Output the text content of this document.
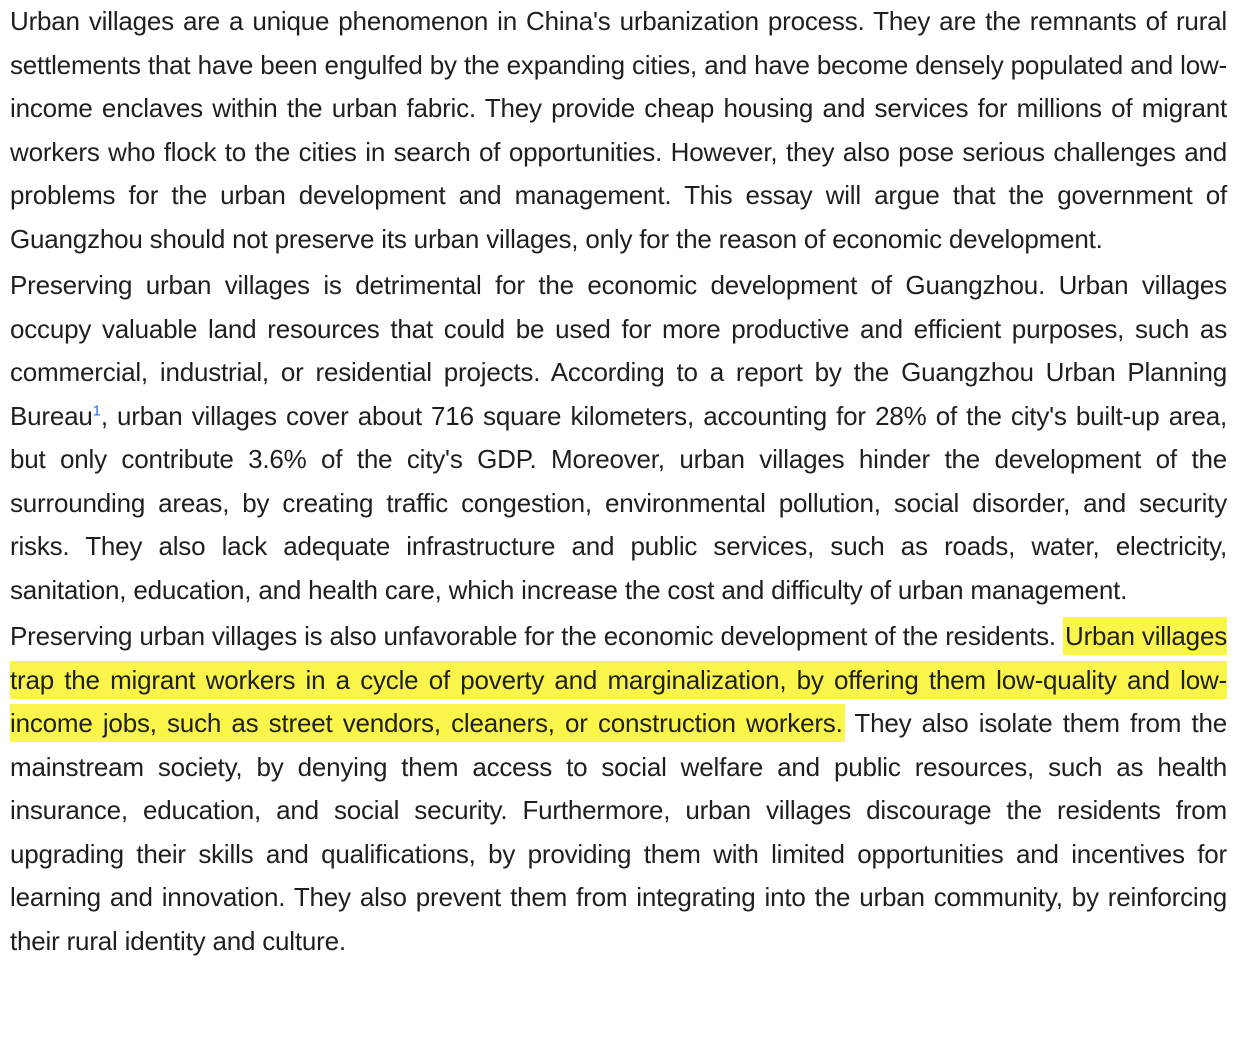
Urban villages are a unique phenomenon in China's urbanization process. They are the remnants of rural settlements that have been engulfed by the expanding cities, and have become densely populated and low-income enclaves within the urban fabric. They provide cheap housing and services for millions of migrant workers who flock to the cities in search of opportunities. However, they also pose serious challenges and problems for the urban development and management. This essay will argue that the government of Guangzhou should not preserve its urban villages, only for the reason of economic development.

Preserving urban villages is detrimental for the economic development of Guangzhou. Urban villages occupy valuable land resources that could be used for more productive and efficient purposes, such as commercial, industrial, or residential projects. According to a report by the Guangzhou Urban Planning Bureau$^1$, urban villages cover about 716 square kilometers, accounting for 28% of the city's built-up area, but only contribute 3.6% of the city's GDP. Moreover, urban villages hinder the development of the surrounding areas, by creating traffic congestion, environmental pollution, social disorder, and security risks. They also lack adequate infrastructure and public services, such as roads, water, electricity, sanitation, education, and health care, which increase the cost and difficulty of urban management.

Preserving urban villages is also unfavorable for the economic development of the residents. Urban villages trap the migrant workers in a cycle of poverty and marginalization, by offering them low-quality and low-income jobs, such as street vendors, cleaners, or construction workers. They also isolate them from the mainstream society, by denying them access to social welfare and public resources, such as health insurance, education, and social security. Furthermore, urban villages discourage the residents from upgrading their skills and qualifications, by providing them with limited opportunities and incentives for learning and innovation. They also prevent them from integrating into the urban community, by reinforcing their rural identity and culture.
